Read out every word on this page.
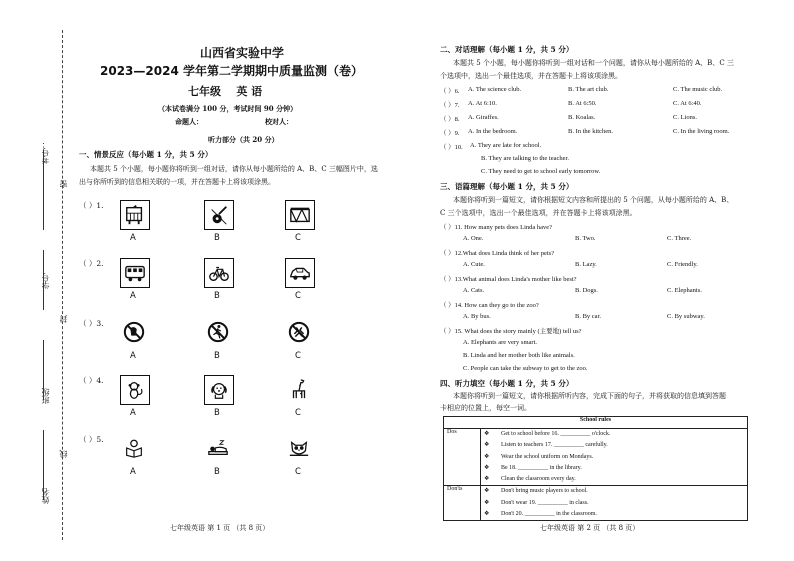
考号：
学号：
班级：
姓名：
密
封
线
山西省实验中学
2023—2024 学年第二学期期中质量监测（卷）
七年级    英 语
（本试卷满分 100 分，考试时间 90 分钟）
命题人：	校对人：
听力部分（共 20 分）
一、情景反应（每小题 1 分，共 5 分）
本题共 5 个小题，每小题你将听到一组对话，请你从每小题所给的 A、B、C 三幅图片中，选
出与你所听到的信息相关联的一项，并在答题卡上将该项涂黑。
（ ）1.
A	B	C
（ ）2.
A	B	C
（ ）3.
A	B	C
（ ）4.
A	B	C
（ ）5.
A	B	C
七年级英语 第 1 页 （共 8 页）
二、对话理解（每小题 1 分，共 5 分）
本题共 5 个小题，每小题你将听到一组对话和一个问题，请你从每小题所给的 A、B、C 三
个选项中，选出一个最佳选项，并在答题卡上将该项涂黑。
（ ）6. A. The science club.	B. The art club.	C. The music club.
（ ）7. A. At 6:10.	B. At 6:50.	C. At 6:40.
（ ）8. A. Giraffes.	B. Koalas.	C. Lions.
（ ）9. A. In the bedroom.	B. In the kitchen.	C. In the living room.
（ ）10. A. They are late for school.
B. They are talking to the teacher.
C. They need to get to school early tomorrow.
三、语篇理解（每小题 1 分，共 5 分）
本题你将听到一篇短文，请你根据短文内容和所提出的 5 个问题，从每小题所给的 A、B、
C 三个选项中，选出一个最佳选项，并在答题卡上将该项涂黑。
（ ）11. How many pets does Linda have?
A. One.	B. Two.	C. Three.
（ ）12.What does Linda think of her pets?
A. Cute.	B. Lazy.	C. Friendly.
（ ）13.What animal does Linda's mother like best?
A. Cats.	B. Dogs.	C. Elephants.
（ ）14. How can they go to the zoo?
A. By bus.	B. By car.	C. By subway.
（ ）15. What does the story mainly (主要地) tell us?
A. Elephants are very smart.
B. Linda and her mother both like animals.
C. People can take the subway to get to the zoo.
四、听力填空（每小题 1 分，共 5 分）
本题你将听到一篇短文，请你根据所听内容，完成下面的句子，并将获取的信息填到答题
卡相应的位置上，每空一词。
School rules	
Dos	❖ Get to school before 16. __________ o'clock.
❖ Listen to teachers 17. __________ carefully.
❖ Wear the school uniform on Mondays.
❖ Be 18. __________ in the library.
❖ Clean the classroom every day.

Don'ts	❖ Don't bring music players to school.
❖ Don't wear 19. __________ in class.
❖ Don't 20. __________ in the classroom.
七年级英语 第 2 页 （共 8 页）
